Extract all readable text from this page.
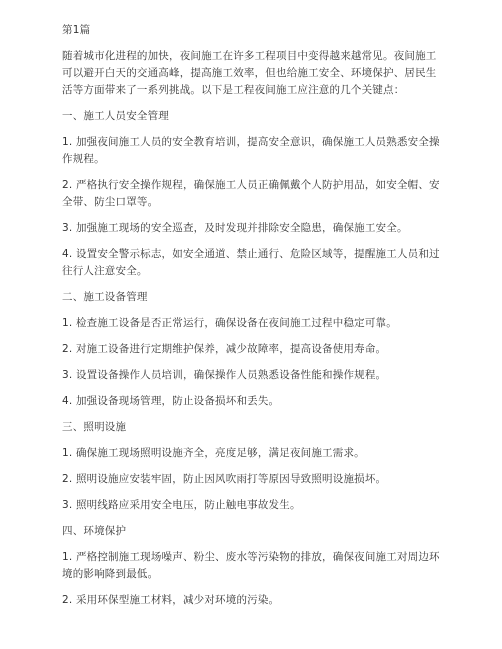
第1篇

随着城市化进程的加快，夜间施工在许多工程项目中变得越来越常见。夜间施工可以避开白天的交通高峰，提高施工效率，但也给施工安全、环境保护、居民生活等方面带来了一系列挑战。以下是工程夜间施工应注意的几个关键点：

一、施工人员安全管理

1. 加强夜间施工人员的安全教育培训，提高安全意识，确保施工人员熟悉安全操作规程。

2. 严格执行安全操作规程，确保施工人员正确佩戴个人防护用品，如安全帽、安全带、防尘口罩等。

3. 加强施工现场的安全巡查，及时发现并排除安全隐患，确保施工安全。

4. 设置安全警示标志，如安全通道、禁止通行、危险区域等，提醒施工人员和过往行人注意安全。

二、施工设备管理

1. 检查施工设备是否正常运行，确保设备在夜间施工过程中稳定可靠。

2. 对施工设备进行定期维护保养，减少故障率，提高设备使用寿命。

3. 设置设备操作人员培训，确保操作人员熟悉设备性能和操作规程。

4. 加强设备现场管理，防止设备损坏和丢失。

三、照明设施

1. 确保施工现场照明设施齐全，亮度足够，满足夜间施工需求。

2. 照明设施应安装牢固，防止因风吹雨打等原因导致照明设施损坏。

3. 照明线路应采用安全电压，防止触电事故发生。

四、环境保护

1. 严格控制施工现场噪声、粉尘、废水等污染物的排放，确保夜间施工对周边环境的影响降到最低。

2. 采用环保型施工材料，减少对环境的污染。
